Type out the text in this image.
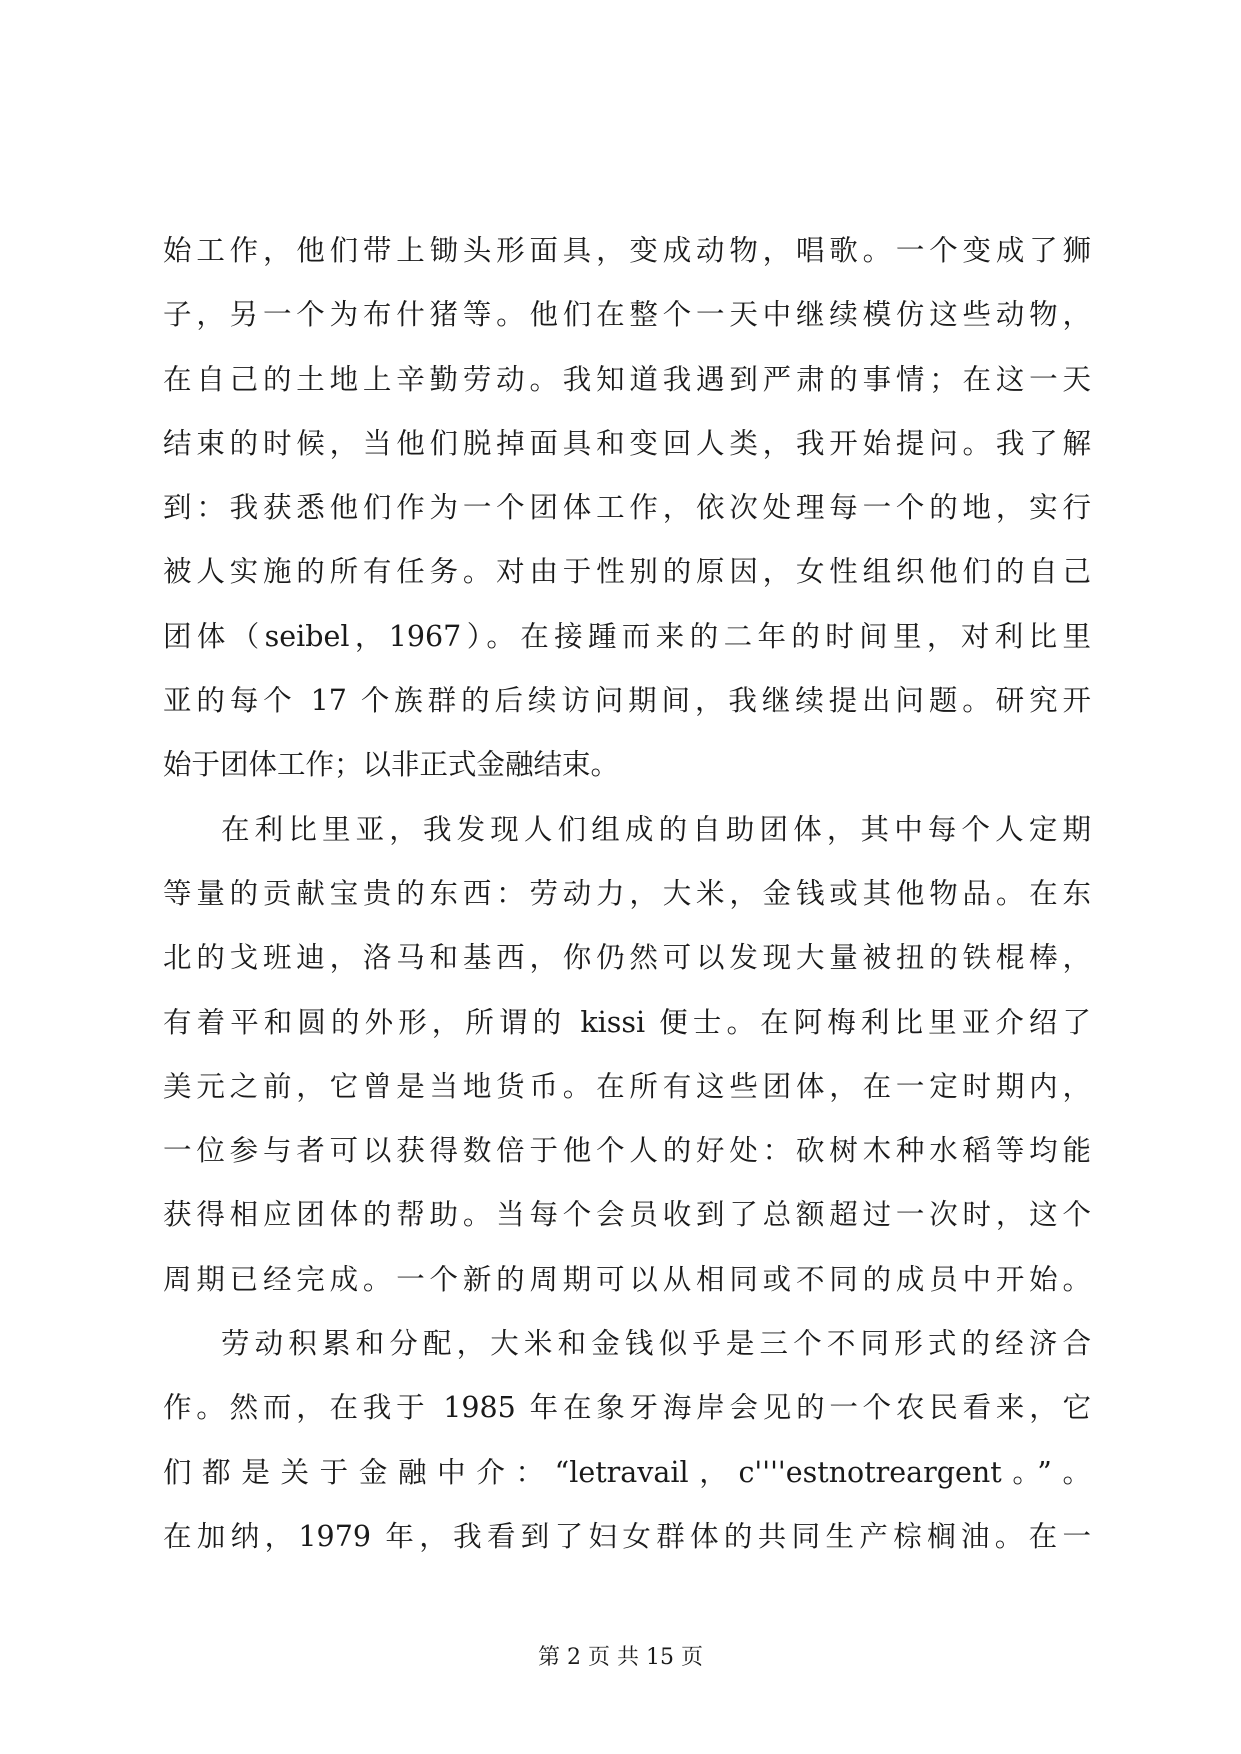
始工作，他们带上锄头形面具，变成动物，唱歌。一个变成了狮
子，另一个为布什猪等。他们在整个一天中继续模仿这些动物，
在自己的土地上辛勤劳动。我知道我遇到严肃的事情；在这一天
结束的时候，当他们脱掉面具和变回人类，我开始提问。我了解
到：我获悉他们作为一个团体工作，依次处理每一个的地，实行
被人实施的所有任务。对由于性别的原因，女性组织他们的自己
团体（seibel，1967）。在接踵而来的二年的时间里，对利比里
亚的每个 17 个族群的后续访问期间，我继续提出问题。研究开
始于团体工作；以非正式金融结束。
在利比里亚，我发现人们组成的自助团体，其中每个人定期
等量的贡献宝贵的东西：劳动力，大米，金钱或其他物品。在东
北的戈班迪，洛马和基西，你仍然可以发现大量被扭的铁棍棒，
有着平和圆的外形，所谓的 kissi 便士。在阿梅利比里亚介绍了
美元之前，它曾是当地货币。在所有这些团体，在一定时期内，
一位参与者可以获得数倍于他个人的好处：砍树木种水稻等均能
获得相应团体的帮助。当每个会员收到了总额超过一次时，这个
周期已经完成。一个新的周期可以从相同或不同的成员中开始。
劳动积累和分配，大米和金钱似乎是三个不同形式的经济合
作。然而，在我于 1985 年在象牙海岸会见的一个农民看来，它
们都是关于金融中介：“letravail，c''''estnotreargent。”。
在加纳，1979 年，我看到了妇女群体的共同生产棕榈油。在一
第 2 页 共 15 页
